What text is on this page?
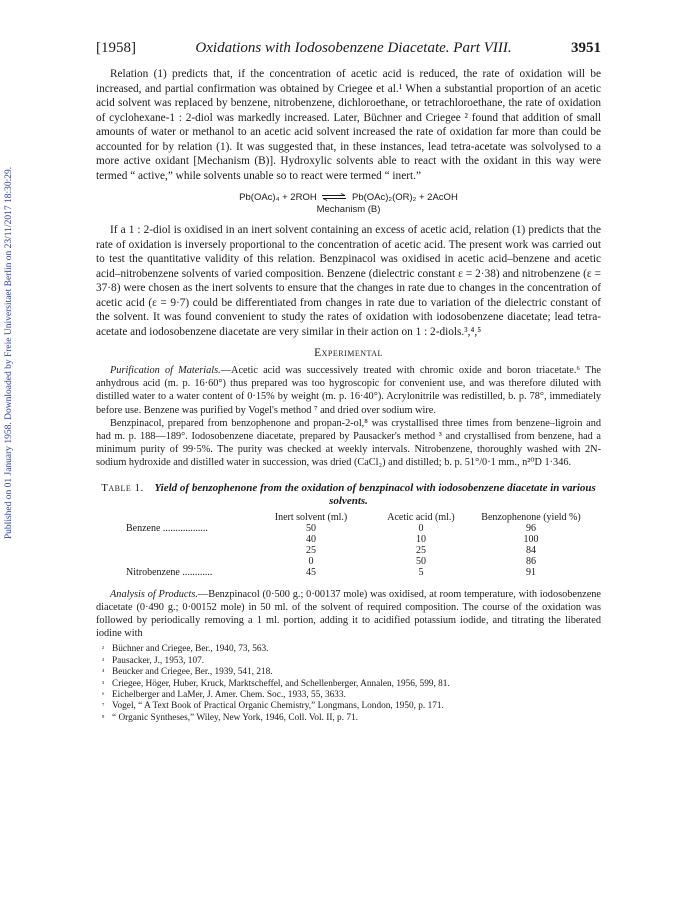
Published on 01 January 1958. Downloaded by Freie Universitaet Berlin on 23/11/2017 18:30:29.
[1958]	Oxidations with Iodosobenzene Diacetate. Part VIII.	3951

Relation (1) predicts that, if the concentration of acetic acid is reduced, the rate of oxidation will be increased, and partial confirmation was obtained by Criegee et al.¹ When a substantial proportion of an acetic acid solvent was replaced by benzene, nitrobenzene, dichloroethane, or tetrachloroethane, the rate of oxidation of cyclohexane-1 : 2-diol was markedly increased. Later, Büchner and Criegee ² found that addition of small amounts of water or methanol to an acetic acid solvent increased the rate of oxidation far more than could be accounted for by relation (1). It was suggested that, in these instances, lead tetra-acetate was solvolysed to a more active oxidant [Mechanism (B)]. Hydroxylic solvents able to react with the oxidant in this way were termed “ active,” while solvents unable so to react were termed “ inert.”

Pb(OAc)₄ + 2ROH ⇌ Pb(OAc)₂(OR)₂ + 2AcOH
Mechanism (B)

If a 1 : 2-diol is oxidised in an inert solvent containing an excess of acetic acid, relation (1) predicts that the rate of oxidation is inversely proportional to the concentration of acetic acid. The present work was carried out to test the quantitative validity of this relation. Benzpinacol was oxidised in acetic acid–benzene and acetic acid–nitrobenzene solvents of varied composition. Benzene (dielectric constant ε = 2·38) and nitrobenzene (ε = 37·8) were chosen as the inert solvents to ensure that the changes in rate due to changes in the concentration of acetic acid (ε = 9·7) could be differentiated from changes in rate due to variation of the dielectric constant of the solvent. It was found convenient to study the rates of oxidation with iodosobenzene diacetate; lead tetra-acetate and iodosobenzene diacetate are very similar in their action on 1 : 2-diols.³,⁴,⁵

Experimental

Purification of Materials.—Acetic acid was successively treated with chromic oxide and boron triacetate.⁶ The anhydrous acid (m. p. 16·60°) thus prepared was too hygroscopic for convenient use, and was therefore diluted with distilled water to a water content of 0·15% by weight (m. p. 16·40°). Acrylonitrile was redistilled, b. p. 78°, immediately before use. Benzene was purified by Vogel's method ⁷ and dried over sodium wire.

Benzpinacol, prepared from benzophenone and propan-2-ol,⁸ was crystallised three times from benzene–ligroin and had m. p. 188—189°. Iodosobenzene diacetate, prepared by Pausacker's method ³ and crystallised from benzene, had a minimum purity of 99·5%. The purity was checked at weekly intervals. Nitrobenzene, thoroughly washed with 2N-sodium hydroxide and distilled water in succession, was dried (CaCl₂) and distilled; b. p. 51°/0·1 mm., n²⁰D 1·346.

Table 1. Yield of benzophenone from the oxidation of benzpinacol with iodosobenzene diacetate in various solvents.
	Inert solvent (ml.)	Acetic acid (ml.)	Benzophenone (yield %)
Benzene ..................	50	0	96
	40	10	100
	25	25	84
	0	50	86
Nitrobenzene ............	45	5	91

Analysis of Products.—Benzpinacol (0·500 g.; 0·00137 mole) was oxidised, at room temperature, with iodosobenzene diacetate (0·490 g.; 0·00152 mole) in 50 ml. of the solvent of required composition. The course of the oxidation was followed by periodically removing a 1 ml. portion, adding it to acidified potassium iodide, and titrating the liberated iodine with

² Büchner and Criegee, Ber., 1940, 73, 563.
³ Pausacker, J., 1953, 107.
⁴ Beucker and Criegee, Ber., 1939, 541, 218.
⁵ Criegee, Höger, Huber, Kruck, Marktscheffel, and Schellenberger, Annalen, 1956, 599, 81.
⁶ Eichelberger and LaMer, J. Amer. Chem. Soc., 1933, 55, 3633.
⁷ Vogel, “ A Text Book of Practical Organic Chemistry,” Longmans, London, 1950, p. 171.
⁸ “ Organic Syntheses,” Wiley, New York, 1946, Coll. Vol. II, p. 71.
